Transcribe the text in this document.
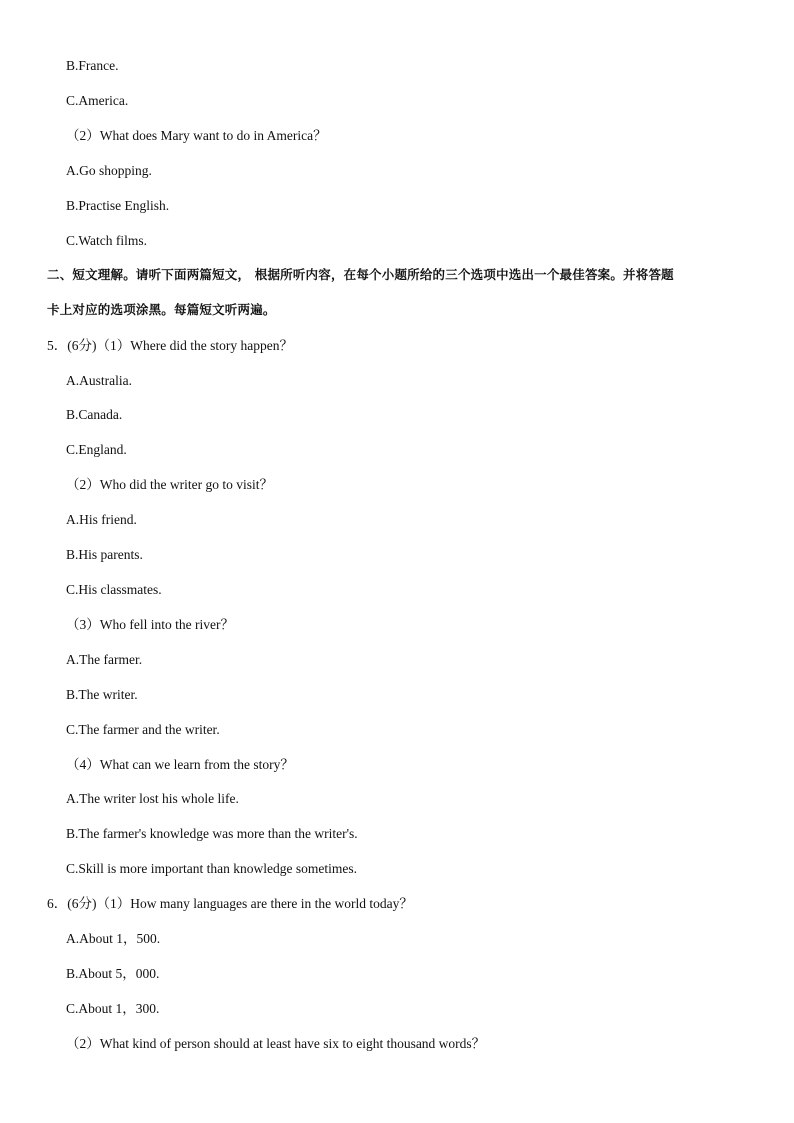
B.France.
C.America.
（2）What does Mary want to do in America？
A.Go shopping.
B.Practise English.
C.Watch films.
二、短文理解。请听下面两篇短文， 根据所听内容，在每个小题所给的三个选项中选出一个最佳答案。并将答题
卡上对应的选项涂黑。每篇短文听两遍。
5．(6分)（1）Where did the story happen？
A.Australia.
B.Canada.
C.England.
（2）Who did the writer go to visit？
A.His friend.
B.His parents.
C.His classmates.
（3）Who fell into the river？
A.The farmer.
B.The writer.
C.The farmer and the writer.
（4）What can we learn from the story？
A.The writer lost his whole life.
B.The farmer's knowledge was more than the writer's.
C.Skill is more important than knowledge sometimes.
6．(6分)（1）How many languages are there in the world today？
A.About 1，500.
B.About 5，000.
C.About 1，300.
（2）What kind of person should at least have six to eight thousand words？
